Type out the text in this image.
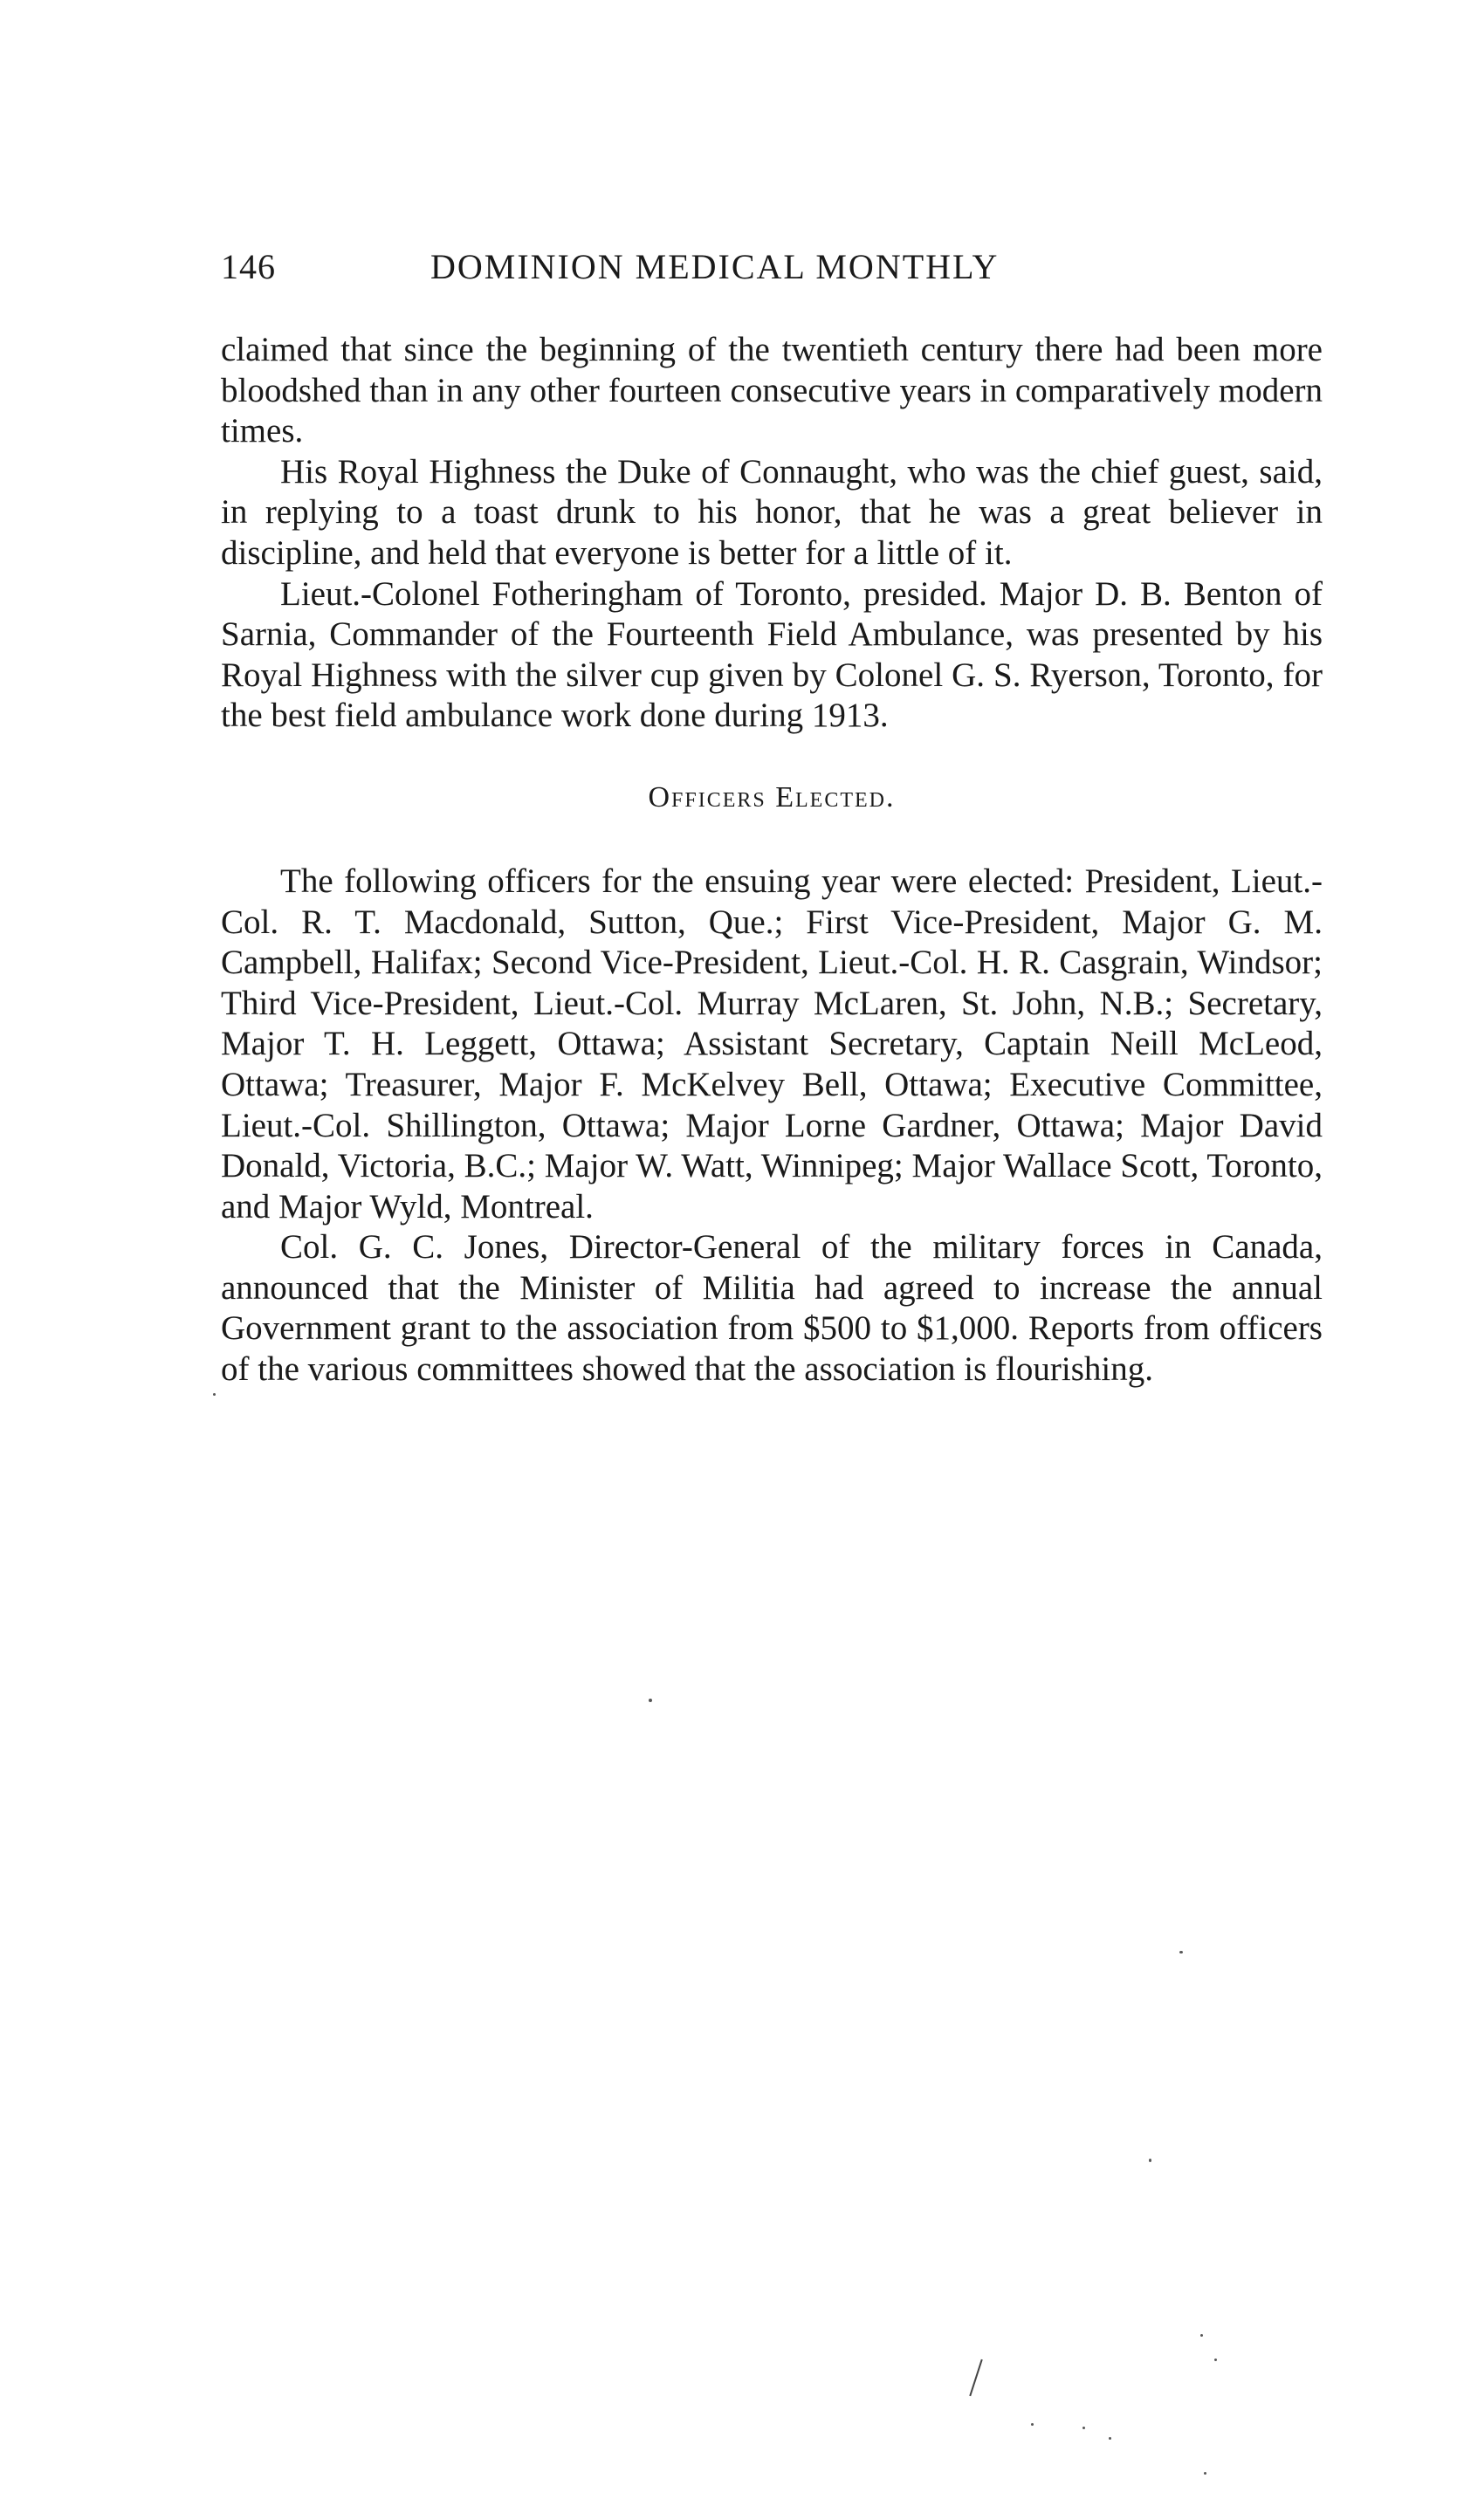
146	DOMINION MEDICAL MONTHLY

claimed that since the beginning of the twentieth century there had been more bloodshed than in any other fourteen consecutive years in comparatively modern times.

His Royal Highness the Duke of Connaught, who was the chief guest, said, in replying to a toast drunk to his honor, that he was a great believer in discipline, and held that everyone is better for a little of it.

Lieut.-Colonel Fotheringham of Toronto, presided. Major D. B. Benton of Sarnia, Commander of the Fourteenth Field Ambulance, was presented by his Royal Highness with the silver cup given by Colonel G. S. Ryerson, Toronto, for the best field ambulance work done during 1913.

Officers Elected.

The following officers for the ensuing year were elected: President, Lieut.-Col. R. T. Macdonald, Sutton, Que.; First Vice-President, Major G. M. Campbell, Halifax; Second Vice-President, Lieut.-Col. H. R. Casgrain, Windsor; Third Vice-President, Lieut.-Col. Murray McLaren, St. John, N.B.; Secretary, Major T. H. Leggett, Ottawa; Assistant Secretary, Captain Neill McLeod, Ottawa; Treasurer, Major F. McKelvey Bell, Ottawa; Executive Committee, Lieut.-Col. Shillington, Ottawa; Major Lorne Gardner, Ottawa; Major David Donald, Victoria, B.C.; Major W. Watt, Winnipeg; Major Wallace Scott, Toronto, and Major Wyld, Montreal.

Col. G. C. Jones, Director-General of the military forces in Canada, announced that the Minister of Militia had agreed to increase the annual Government grant to the association from $500 to $1,000. Reports from officers of the various committees showed that the association is flourishing.
